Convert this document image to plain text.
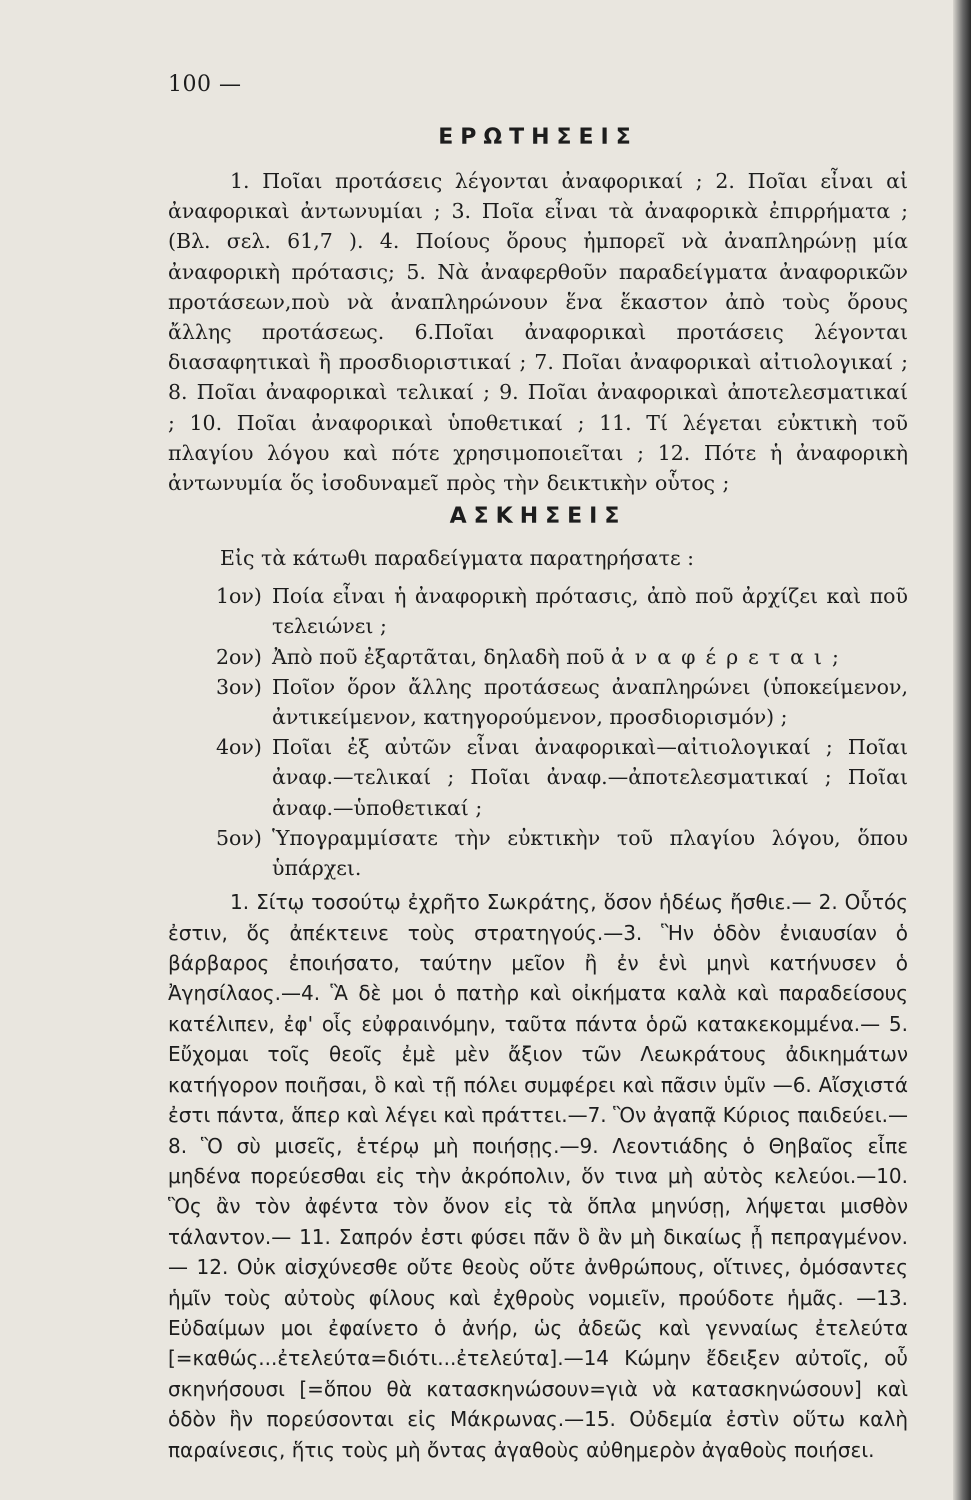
100 —
ΕΡΩΤΗΣΕΙΣ

1. Ποῖαι προτάσεις λέγονται ἀναφορικαί ; 2. Ποῖαι εἶναι αἱ ἀναφορικαὶ ἀντωνυμίαι ; 3. Ποῖα εἶναι τὰ ἀναφορικὰ ἐπιρρήματα ; (Βλ. σελ. 61,7 ). 4. Ποίους ὅρους ἠμπορεῖ νὰ ἀναπληρώνῃ μία ἀναφορικὴ πρότασις; 5. Νὰ ἀναφερθοῦν παραδείγματα ἀναφορικῶν προτάσεων,ποὺ νὰ ἀναπληρώνουν ἕνα ἕκαστον ἀπὸ τοὺς ὅρους ἄλλης προτάσεως. 6.Ποῖαι ἀναφορικαὶ προτάσεις λέγονται διασαφητικαὶ ἢ προσδιοριστικαί ; 7. Ποῖαι ἀναφορικαὶ αἰτιολογικαί ; 8. Ποῖαι ἀναφορικαὶ τελικαί ; 9. Ποῖαι ἀναφορικαὶ ἀποτελεσματικαί ; 10. Ποῖαι ἀναφορικαὶ ὑποθετικαί ; 11. Τί λέγεται εὐκτικὴ τοῦ πλαγίου λόγου καὶ πότε χρησιμοποιεῖται ; 12. Πότε ἡ ἀναφορικὴ ἀντωνυμία ὅς ἰσοδυναμεῖ πρὸς τὴν δεικτικὴν οὗτος ;

ΑΣΚΗΣΕΙΣ

Εἰς τὰ κάτωθι παραδείγματα παρατηρήσατε :

1ον) Ποία εἶναι ἡ ἀναφορικὴ πρότασις, ἀπὸ ποῦ ἀρχίζει καὶ ποῦ τελειώνει ;
2ον) Ἀπὸ ποῦ ἐξαρτᾶται, δηλαδὴ ποῦ ἀναφέρεται;
3ον) Ποῖον ὅρον ἄλλης προτάσεως ἀναπληρώνει (ὑποκείμενον, ἀντικείμενον, κατηγορούμενον, προσδιορισμόν) ;
4ον) Ποῖαι ἐξ αὐτῶν εἶναι ἀναφορικαὶ—αἰτιολογικαί ; Ποῖαι ἀναφ.—τελικαί ; Ποῖαι ἀναφ.—ἀποτελεσματικαί ; Ποῖαι ἀναφ.—ὑποθετικαί ;
5ον) Ὑπογραμμίσατε τὴν εὐκτικὴν τοῦ πλαγίου λόγου, ὅπου ὑπάρχει.

1. Σίτῳ τοσούτῳ ἐχρῆτο Σωκράτης, ὅσον ἡδέως ἤσθιε.— 2. Οὗτός ἐστιν, ὅς ἀπέκτεινε τοὺς στρατηγούς.—3. Ἣν ὁδὸν ἐνιαυσίαν ὁ βάρβαρος ἐποιήσατο, ταύτην μεῖον ἢ ἐν ἑνὶ μηνὶ κατήνυσεν ὁ Ἀγησίλαος.—4. Ἃ δὲ μοι ὁ πατὴρ καὶ οἰκήματα καλὰ καὶ παραδείσους κατέλιπεν, ἐφ' οἷς εὐφραινόμην, ταῦτα πάντα ὁρῶ κατακεκομμένα.— 5. Εὔχομαι τοῖς θεοῖς ἐμὲ μὲν ἄξιον τῶν Λεωκράτους ἀδικημάτων κατήγορον ποιῆσαι, ὃ καὶ τῇ πόλει συμφέρει καὶ πᾶσιν ὑμῖν —6. Αἴσχιστά ἐστι πάντα, ἅπερ καὶ λέγει καὶ πράττει.—7. Ὃν ἀγαπᾷ Κύριος παιδεύει.—8. Ὃ σὺ μισεῖς, ἑτέρῳ μὴ ποιήσῃς.—9. Λεοντιάδης ὁ Θηβαῖος εἶπε μηδένα πορεύεσθαι εἰς τὴν ἀκρόπολιν, ὅν τινα μὴ αὐτὸς κελεύοι.—10. Ὃς ἂν τὸν ἀφέντα τὸν ὄνον εἰς τὰ ὅπλα μηνύσῃ, λήψεται μισθὸν τάλαντον.— 11. Σαπρόν ἐστι φύσει πᾶν ὃ ἂν μὴ δικαίως ᾖ πεπραγμένον.— 12. Οὐκ αἰσχύνεσθε οὔτε θεοὺς οὔτε ἀνθρώπους, οἵτινες, ὀμόσαντες ἡμῖν τοὺς αὐτοὺς φίλους καὶ ἐχθροὺς νομιεῖν, προύδοτε ἡμᾶς. —13. Εὐδαίμων μοι ἐφαίνετο ὁ ἀνήρ, ὡς ἀδεῶς καὶ γενναίως ἐτελεύτα [=καθώς...ἐτελεύτα=διότι...ἐτελεύτα].—14 Κώμην ἔδειξεν αὐτοῖς, οὗ σκηνήσουσι [=ὅπου θὰ κατασκηνώσουν=γιὰ νὰ κατασκηνώσουν] καὶ ὁδὸν ἣν πορεύσονται εἰς Μάκρωνας.—15. Οὐδεμία ἐστὶν οὕτω καλὴ παραίνεσις, ἥτις τοὺς μὴ ὄντας ἀγαθοὺς αὐθημερὸν ἀγαθοὺς ποιήσει.
